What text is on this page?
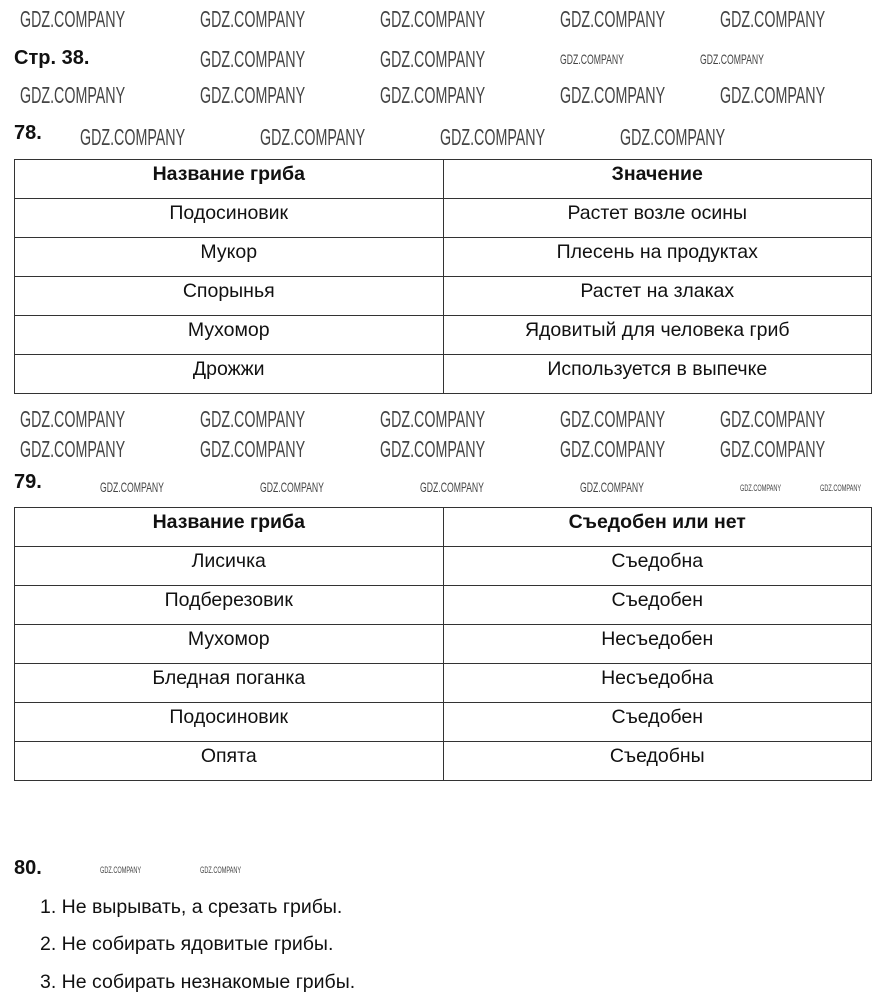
Стр. 38.
78.
Название гриба	Значение
Подосиновик	Растет возле осины
Мукор	Плесень на продуктах
Спорынья	Растет на злаках
Мухомор	Ядовитый для человека гриб
Дрожжи	Используется в выпечке
79.
Название гриба	Съедобен или нет
Лисичка	Съедобна
Подберезовик	Съедобен
Мухомор	Несъедобен
Бледная поганка	Несъедобна
Подосиновик	Съедобен
Опята	Съедобны
80.
1. Не вырывать, а срезать грибы.
2. Не собирать ядовитые грибы.
3. Не собирать незнакомые грибы.
GDZ.COMPANY	GDZ.COMPANY	GDZ.COMPANY	GDZ.COMPANY GDZ.COMPANY
GDZ.COMPANY	GDZ.COMPANY	GDZ.COMPANY	GDZ.COMPANY
GDZ.COMPANY	GDZ.COMPANY	GDZ.COMPANY	GDZ.COMPANY GDZ.COMPANY
GDZ.COMPANY	GDZ.COMPANY	GDZ.COMPANY	GDZ.COMPANY
GDZ.COMPANY	GDZ.COMPANY	GDZ.COMPANY	GDZ.COMPANY GDZ.COMPANY
GDZ.COMPANY	GDZ.COMPANY	GDZ.COMPANY	GDZ.COMPANY GDZ.COMPANY
GDZ.COMPANY	GDZ.COMPANY	GDZ.COMPANY	GDZ.COMPANY	GDZ.COMPANY	GDZ.COMPANY
GDZ.COMPANY	GDZ.COMPANY
